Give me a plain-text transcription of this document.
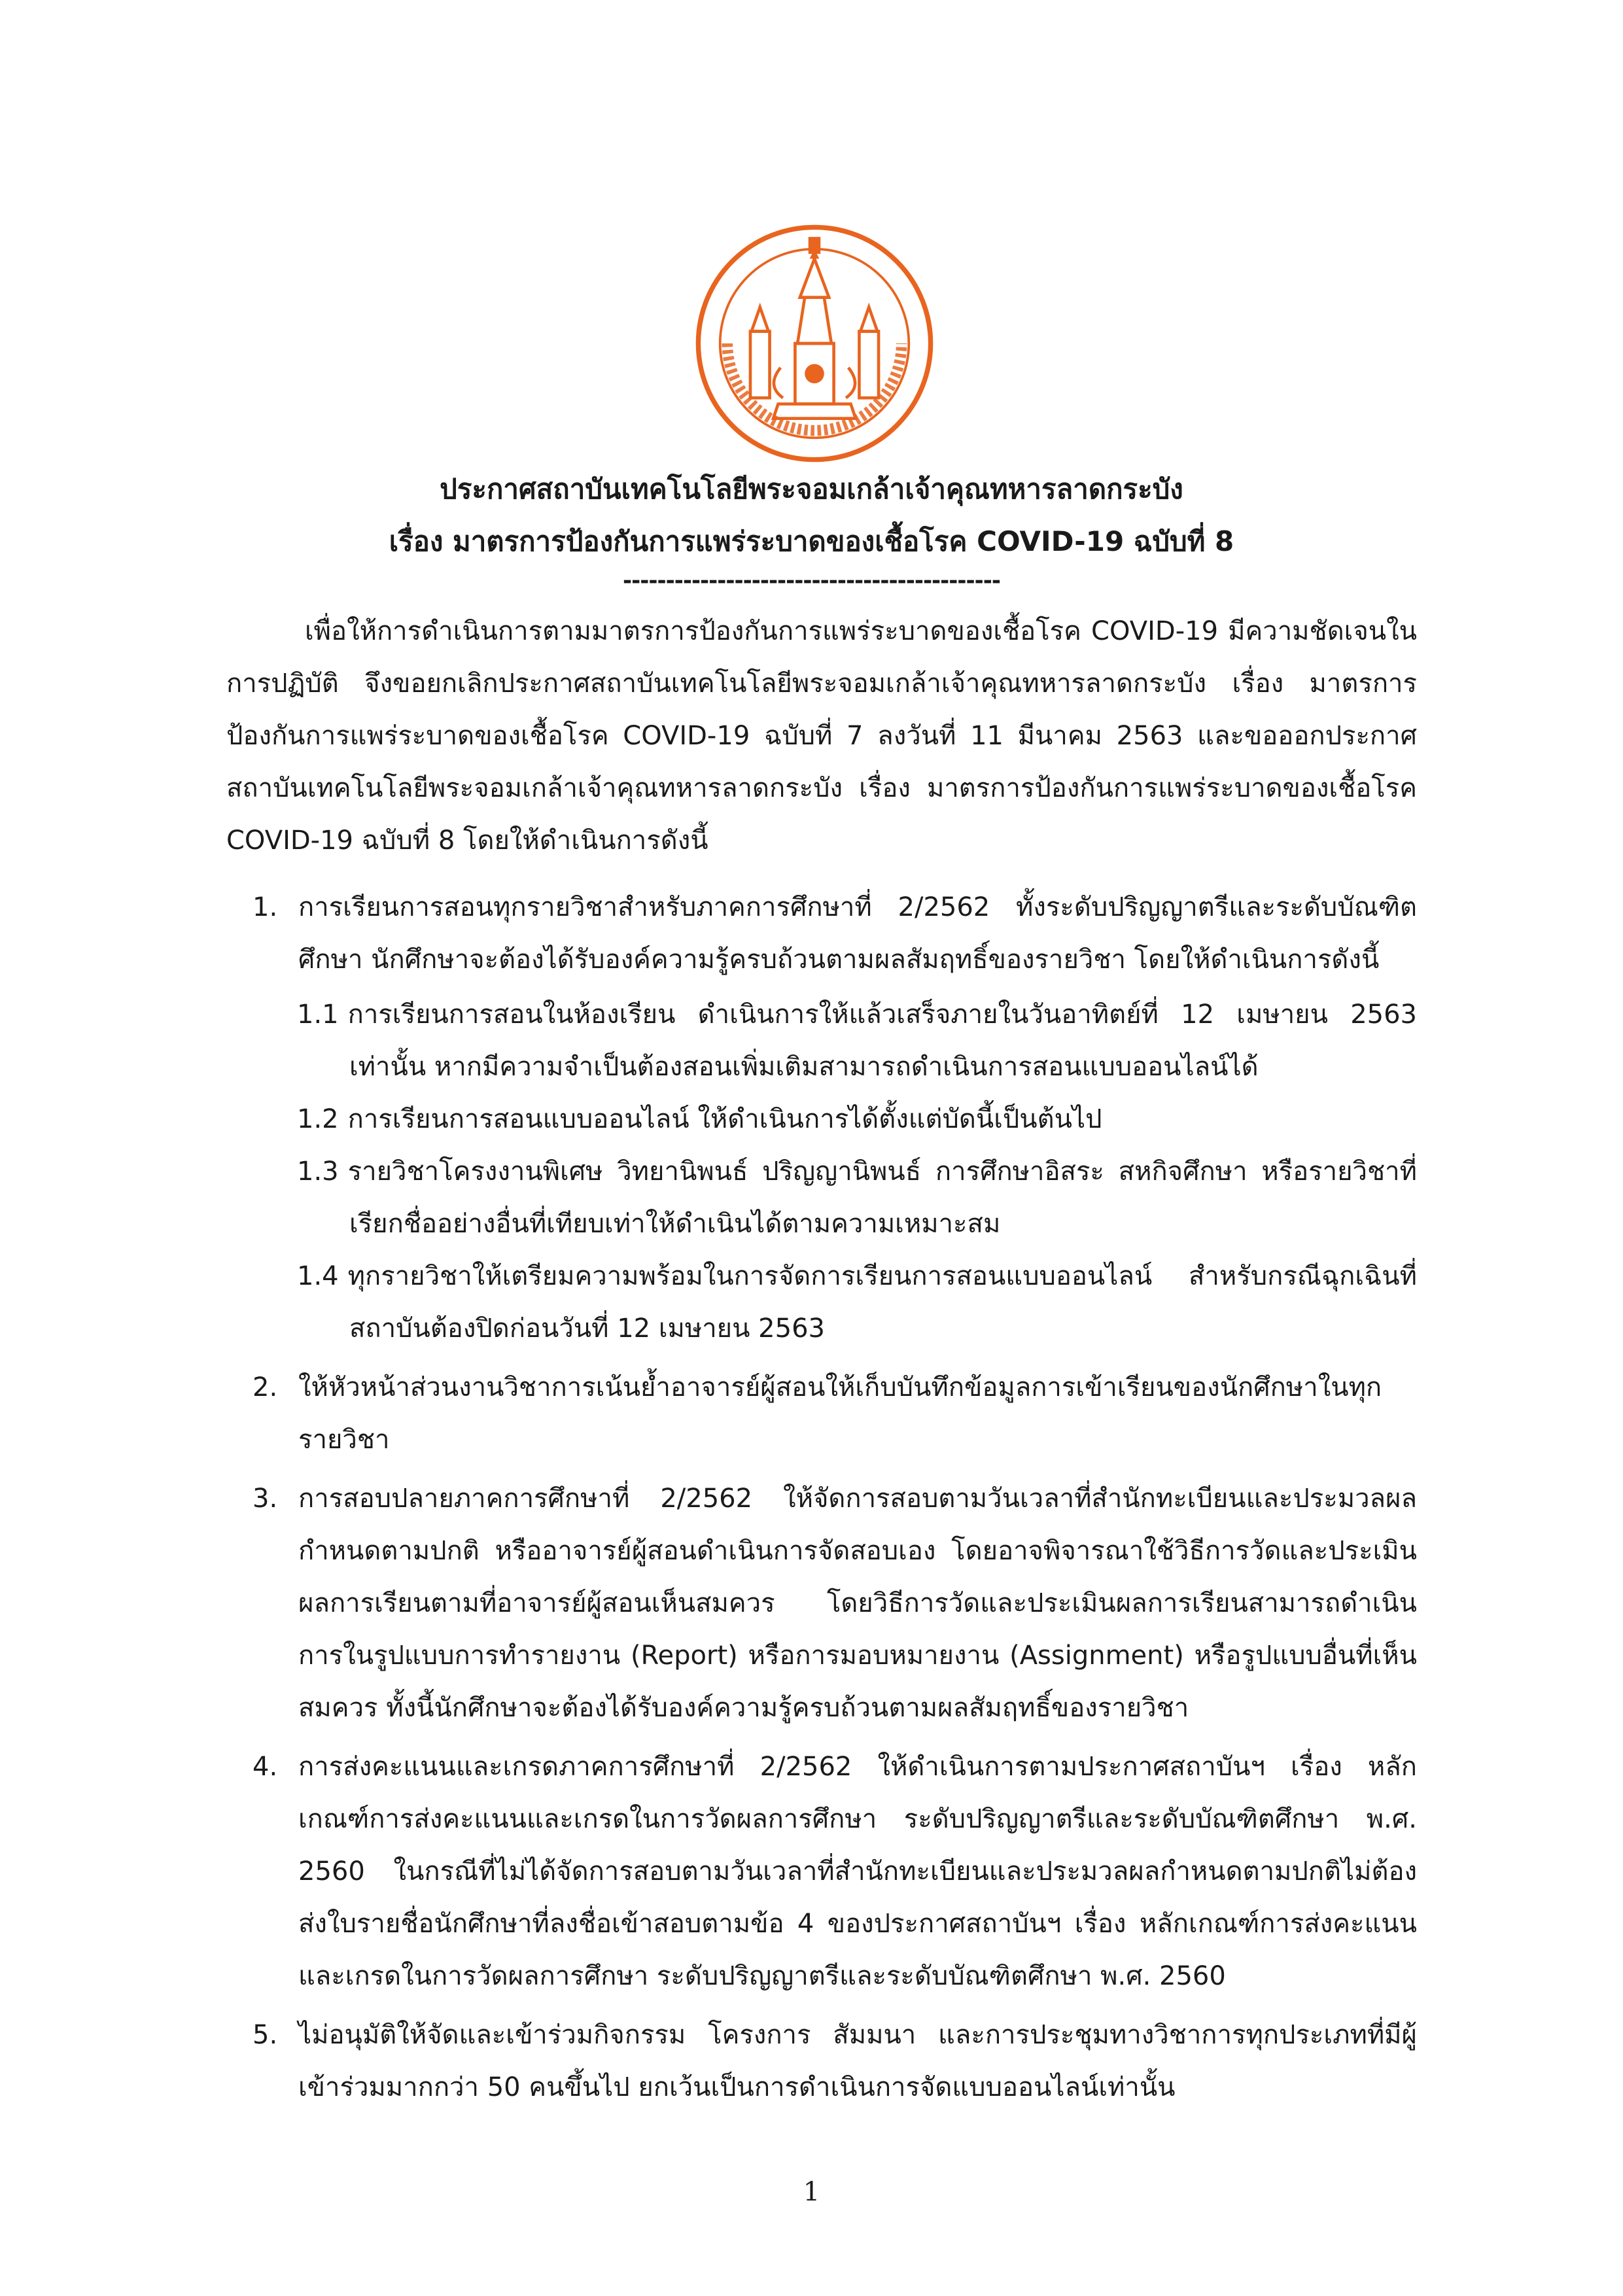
ประกาศสถาบันเทคโนโลยีพระจอมเกล้าเจ้าคุณทหารลาดกระบัง

เรื่อง มาตรการป้องกันการแพร่ระบาดของเชื้อโรค COVID-19 ฉบับที่ 8

--------------------------------------------

เพื่อให้การดำเนินการตามมาตรการป้องกันการแพร่ระบาดของเชื้อโรค COVID-19 มีความชัดเจนในการปฏิบัติ จึงขอยกเลิกประกาศสถาบันเทคโนโลยีพระจอมเกล้าเจ้าคุณทหารลาดกระบัง เรื่อง มาตรการป้องกันการแพร่ระบาดของเชื้อโรค COVID-19 ฉบับที่ 7 ลงวันที่ 11 มีนาคม 2563 และขอออกประกาศสถาบันเทคโนโลยีพระจอมเกล้าเจ้าคุณทหารลาดกระบัง เรื่อง มาตรการป้องกันการแพร่ระบาดของเชื้อโรค COVID-19 ฉบับที่ 8 โดยให้ดำเนินการดังนี้

1. การเรียนการสอนทุกรายวิชาสำหรับภาคการศึกษาที่ 2/2562 ทั้งระดับปริญญาตรีและระดับบัณฑิตศึกษา นักศึกษาจะต้องได้รับองค์ความรู้ครบถ้วนตามผลสัมฤทธิ์ของรายวิชา โดยให้ดำเนินการดังนี้
1.1 การเรียนการสอนในห้องเรียน ดำเนินการให้แล้วเสร็จภายในวันอาทิตย์ที่ 12 เมษายน 2563 เท่านั้น หากมีความจำเป็นต้องสอนเพิ่มเติมสามารถดำเนินการสอนแบบออนไลน์ได้
1.2 การเรียนการสอนแบบออนไลน์ ให้ดำเนินการได้ตั้งแต่บัดนี้เป็นต้นไป
1.3 รายวิชาโครงงานพิเศษ วิทยานิพนธ์ ปริญญานิพนธ์ การศึกษาอิสระ สหกิจศึกษา หรือรายวิชาที่เรียกชื่ออย่างอื่นที่เทียบเท่าให้ดำเนินได้ตามความเหมาะสม
1.4 ทุกรายวิชาให้เตรียมความพร้อมในการจัดการเรียนการสอนแบบออนไลน์ สำหรับกรณีฉุกเฉินที่สถาบันต้องปิดก่อนวันที่ 12 เมษายน 2563
2. ให้หัวหน้าส่วนงานวิชาการเน้นย้ำอาจารย์ผู้สอนให้เก็บบันทึกข้อมูลการเข้าเรียนของนักศึกษาในทุกรายวิชา
3. การสอบปลายภาคการศึกษาที่ 2/2562 ให้จัดการสอบตามวันเวลาที่สำนักทะเบียนและประมวลผลกำหนดตามปกติ หรืออาจารย์ผู้สอนดำเนินการจัดสอบเอง โดยอาจพิจารณาใช้วิธีการวัดและประเมินผลการเรียนตามที่อาจารย์ผู้สอนเห็นสมควร โดยวิธีการวัดและประเมินผลการเรียนสามารถดำเนินการในรูปแบบการทำรายงาน (Report) หรือการมอบหมายงาน (Assignment) หรือรูปแบบอื่นที่เห็นสมควร ทั้งนี้นักศึกษาจะต้องได้รับองค์ความรู้ครบถ้วนตามผลสัมฤทธิ์ของรายวิชา
4. การส่งคะแนนและเกรดภาคการศึกษาที่ 2/2562 ให้ดำเนินการตามประกาศสถาบันฯ เรื่อง หลักเกณฑ์การส่งคะแนนและเกรดในการวัดผลการศึกษา ระดับปริญญาตรีและระดับบัณฑิตศึกษา พ.ศ. 2560 ในกรณีที่ไม่ได้จัดการสอบตามวันเวลาที่สำนักทะเบียนและประมวลผลกำหนดตามปกติไม่ต้องส่งใบรายชื่อนักศึกษาที่ลงชื่อเข้าสอบตามข้อ 4 ของประกาศสถาบันฯ เรื่อง หลักเกณฑ์การส่งคะแนนและเกรดในการวัดผลการศึกษา ระดับปริญญาตรีและระดับบัณฑิตศึกษา พ.ศ. 2560
5. ไม่อนุมัติให้จัดและเข้าร่วมกิจกรรม โครงการ สัมมนา และการประชุมทางวิชาการทุกประเภทที่มีผู้เข้าร่วมมากกว่า 50 คนขึ้นไป ยกเว้นเป็นการดำเนินการจัดแบบออนไลน์เท่านั้น
1
